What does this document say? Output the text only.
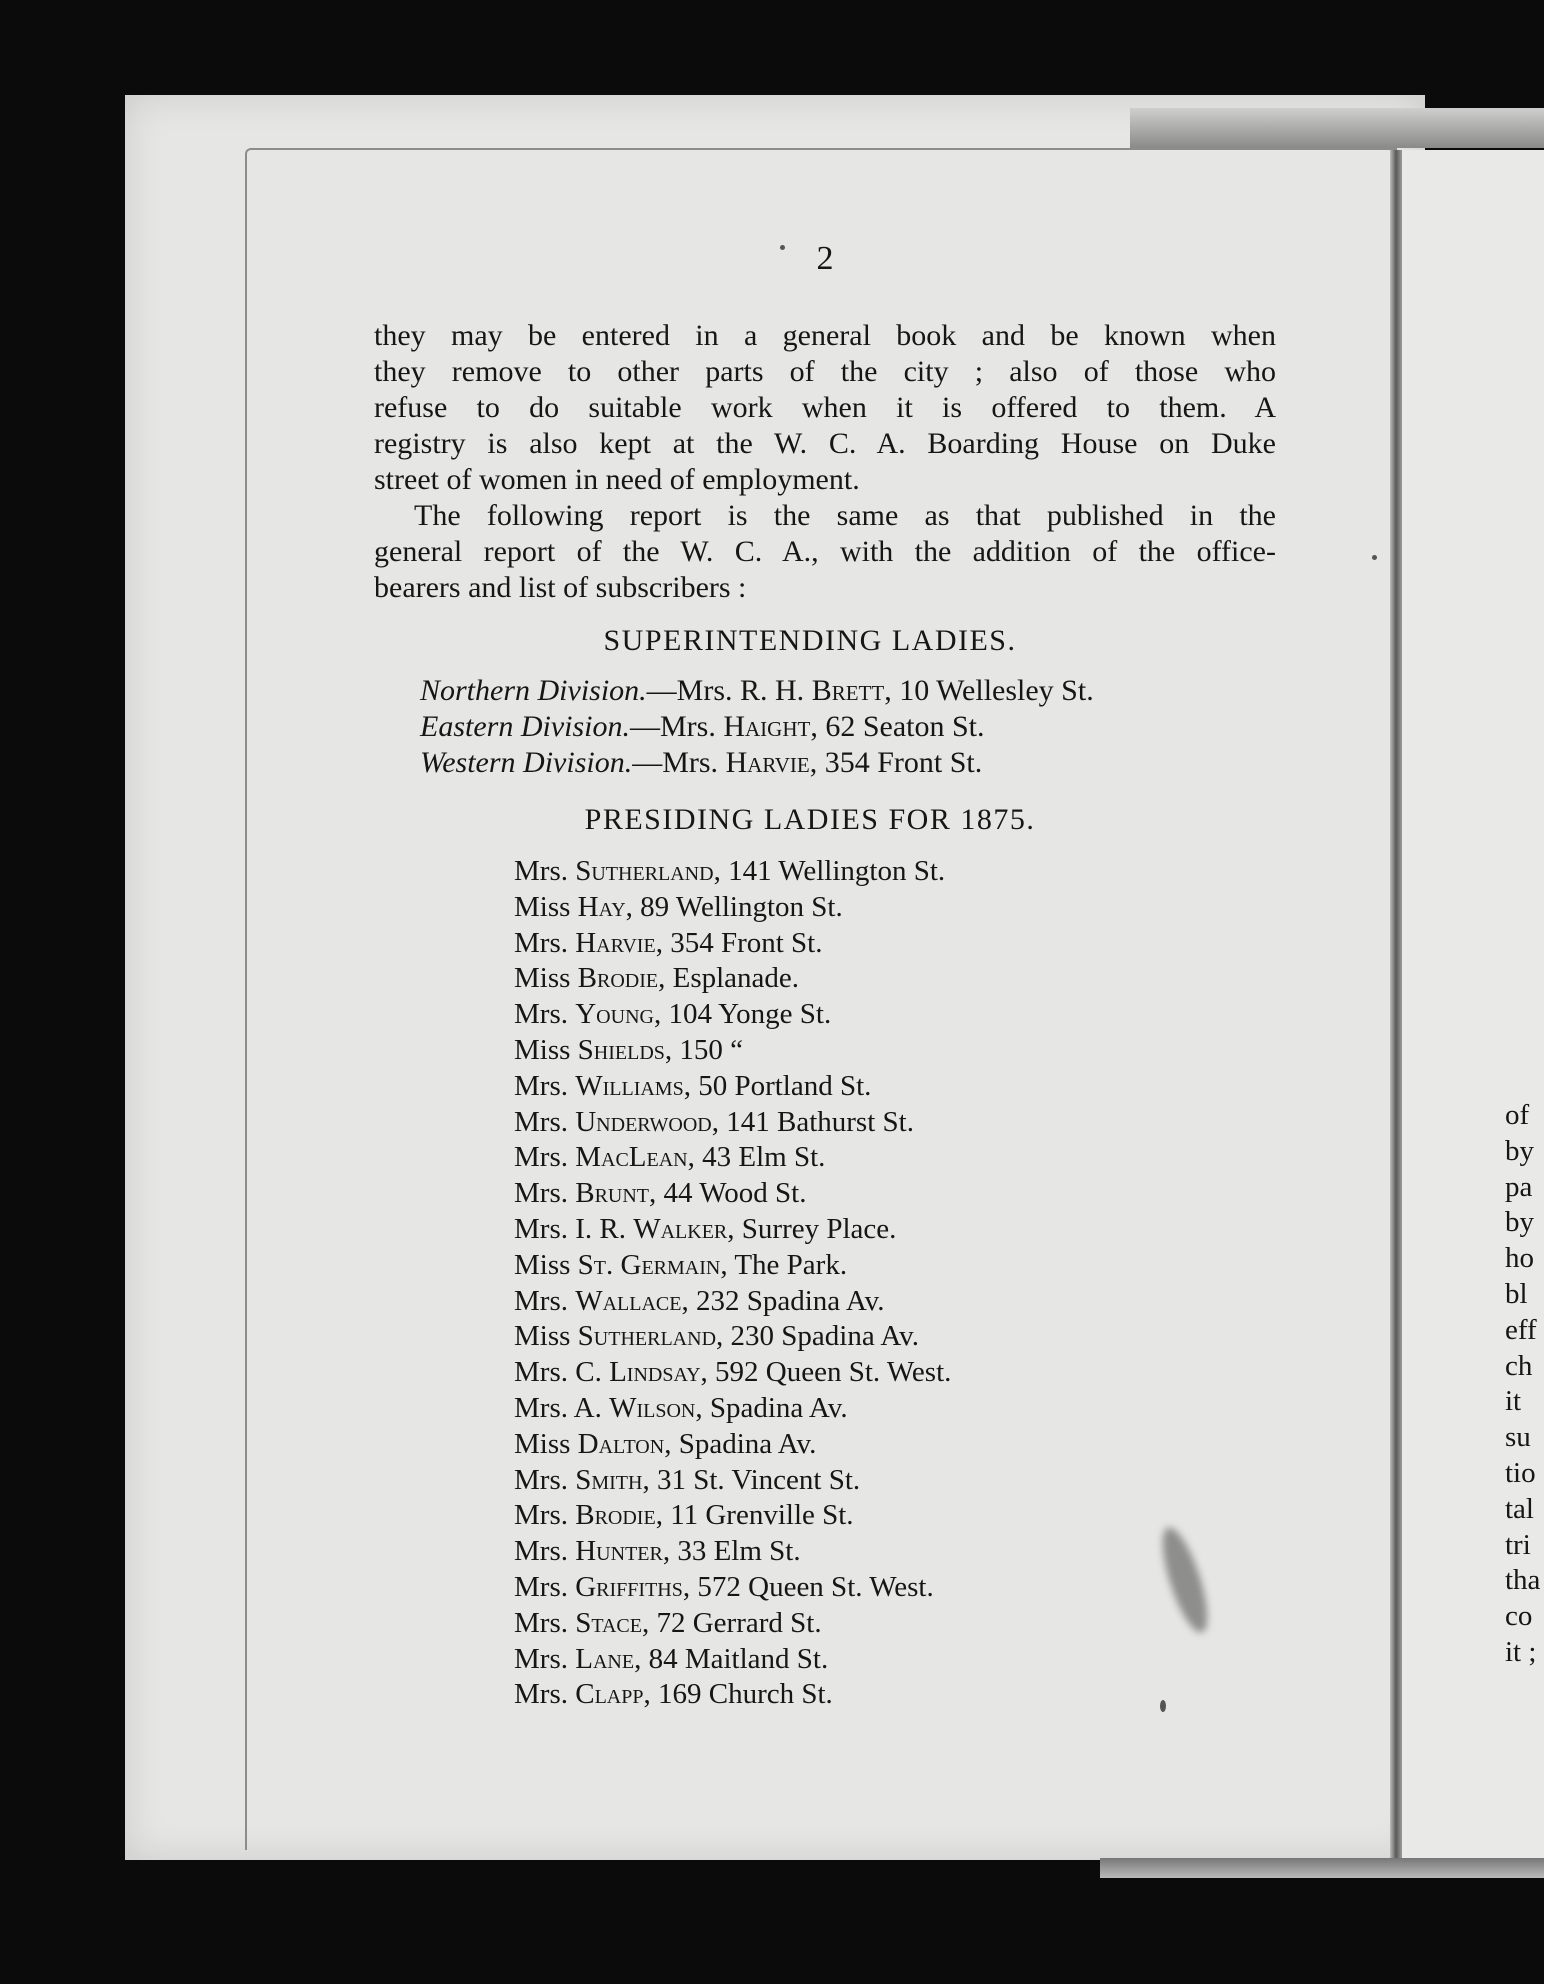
2
they may be entered in a general book and be known when
they remove to other parts of the city ; also of those who
refuse to do suitable work when it is offered to them. A
registry is also kept at the W. C. A. Boarding House on Duke
street of women in need of employment.
The following report is the same as that published in the
general report of the W. C. A., with the addition of the office-
bearers and list of subscribers :
SUPERINTENDING LADIES.
Northern Division.—Mrs. R. H. Brett, 10 Wellesley St.
Eastern Division.—Mrs. Haight, 62 Seaton St.
Western Division.—Mrs. Harvie, 354 Front St.
PRESIDING LADIES FOR 1875.
Mrs. Sutherland, 141 Wellington St.
Miss Hay, 89 Wellington St.
Mrs. Harvie, 354 Front St.
Miss Brodie, Esplanade.
Mrs. Young, 104 Yonge St.
Miss Shields, 150 “
Mrs. Williams, 50 Portland St.
Mrs. Underwood, 141 Bathurst St.
Mrs. MacLean, 43 Elm St.
Mrs. Brunt, 44 Wood St.
Mrs. I. R. Walker, Surrey Place.
Miss St. Germain, The Park.
Mrs. Wallace, 232 Spadina Av.
Miss Sutherland, 230 Spadina Av.
Mrs. C. Lindsay, 592 Queen St. West.
Mrs. A. Wilson, Spadina Av.
Miss Dalton, Spadina Av.
Mrs. Smith, 31 St. Vincent St.
Mrs. Brodie, 11 Grenville St.
Mrs. Hunter, 33 Elm St.
Mrs. Griffiths, 572 Queen St. West.
Mrs. Stace, 72 Gerrard St.
Mrs. Lane, 84 Maitland St.
Mrs. Clapp, 169 Church St.
of
by
pa
by
ho
bl
eff
ch
it
su
tio
tal
tri
tha
co
it ;
